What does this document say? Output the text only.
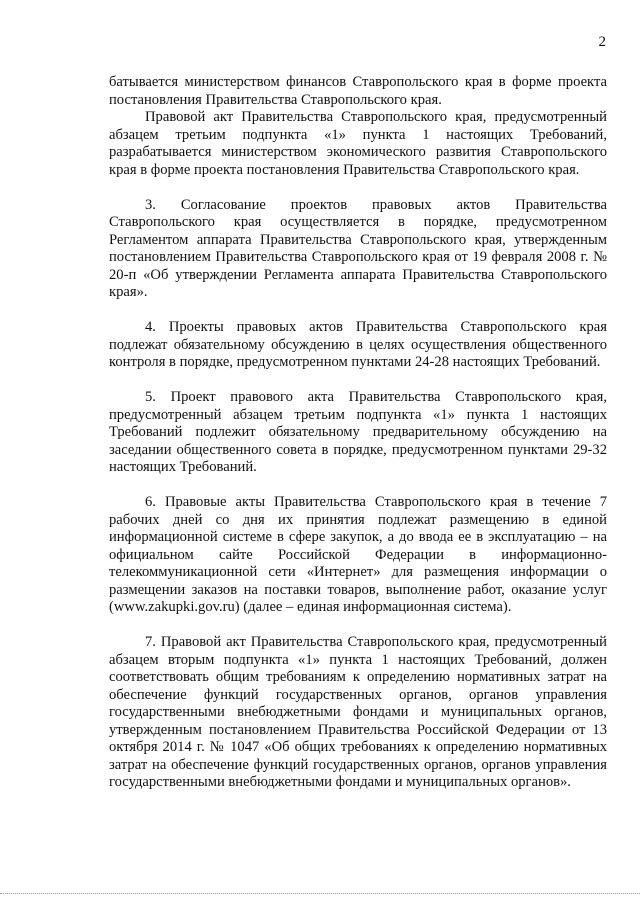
2

батывается министерством финансов Ставропольского края в форме проекта постановления Правительства Ставропольского края.

Правовой акт Правительства Ставропольского края, предусмотренный абзацем третьим подпункта «1» пункта 1 настоящих Требований, разрабатывается министерством экономического развития Ставропольского края в форме проекта постановления Правительства Ставропольского края.

3. Согласование проектов правовых актов Правительства Ставропольского края осуществляется в порядке, предусмотренном Регламентом аппарата Правительства Ставропольского края, утвержденным постановлением Правительства Ставропольского края от 19 февраля 2008 г. № 20-п «Об утверждении Регламента аппарата Правительства Ставропольского края».

4. Проекты правовых актов Правительства Ставропольского края подлежат обязательному обсуждению в целях осуществления общественного контроля в порядке, предусмотренном пунктами 24-28 настоящих Требований.

5. Проект правового акта Правительства Ставропольского края, предусмотренный абзацем третьим подпункта «1» пункта 1 настоящих Требований подлежит обязательному предварительному обсуждению на заседании общественного совета в порядке, предусмотренном пунктами 29-32 настоящих Требований.

6. Правовые акты Правительства Ставропольского края в течение 7 рабочих дней со дня их принятия подлежат размещению в единой информационной системе в сфере закупок, а до ввода ее в эксплуатацию – на официальном сайте Российской Федерации в информационно-телекоммуникационной сети «Интернет» для размещения информации о размещении заказов на поставки товаров, выполнение работ, оказание услуг (www.zakupki.gov.ru) (далее – единая информационная система).

7. Правовой акт Правительства Ставропольского края, предусмотренный абзацем вторым подпункта «1» пункта 1 настоящих Требований, должен соответствовать общим требованиям к определению нормативных затрат на обеспечение функций государственных органов, органов управления государственными внебюджетными фондами и муниципальных органов, утвержденным постановлением Правительства Российской Федерации от 13 октября 2014 г. № 1047 «Об общих требованиях к определению нормативных затрат на обеспечение функций государственных органов, органов управления государственными внебюджетными фондами и муниципальных органов».
